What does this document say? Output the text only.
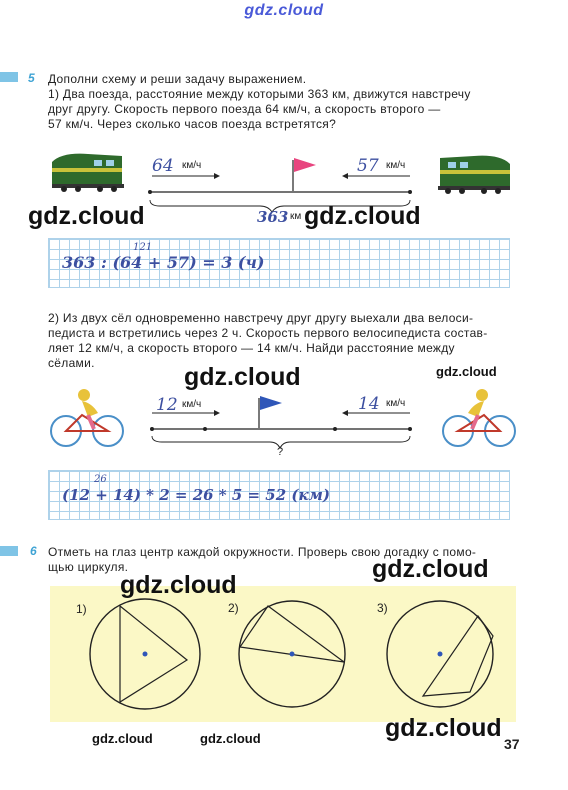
gdz.cloud
5 Дополни схему и реши задачу выражением.
1) Два поезда, расстояние между которыми 363 км, движутся навстречу
друг другу. Скорость первого поезда 64 км/ч, а скорость второго —
57 км/ч. Через сколько часов поезда встретятся?
64 км/ч	57 км/ч
363 км
121
363 : (64 + 57) = 3 (ч)
2) Из двух сёл одновременно навстречу друг другу выехали два велоси-
педиста и встретились через 2 ч. Скорость первого велосипедиста состав-
ляет 12 км/ч, а скорость второго — 14 км/ч. Найди расстояние между
сёлами.
12 км/ч	14 км/ч
?
26
(12 + 14) * 2 = 26 * 5 = 52 (км)
6 Отметь на глаз центр каждой окружности. Проверь свою догадку с помо-
щью циркуля.
1)	2)	3)
37
gdz.cloud	gdz.cloud
gdz.cloud	gdz.cloud
gdz.cloud
gdz.cloud
gdz.cloud
gdz.cloud	gdz.cloud
